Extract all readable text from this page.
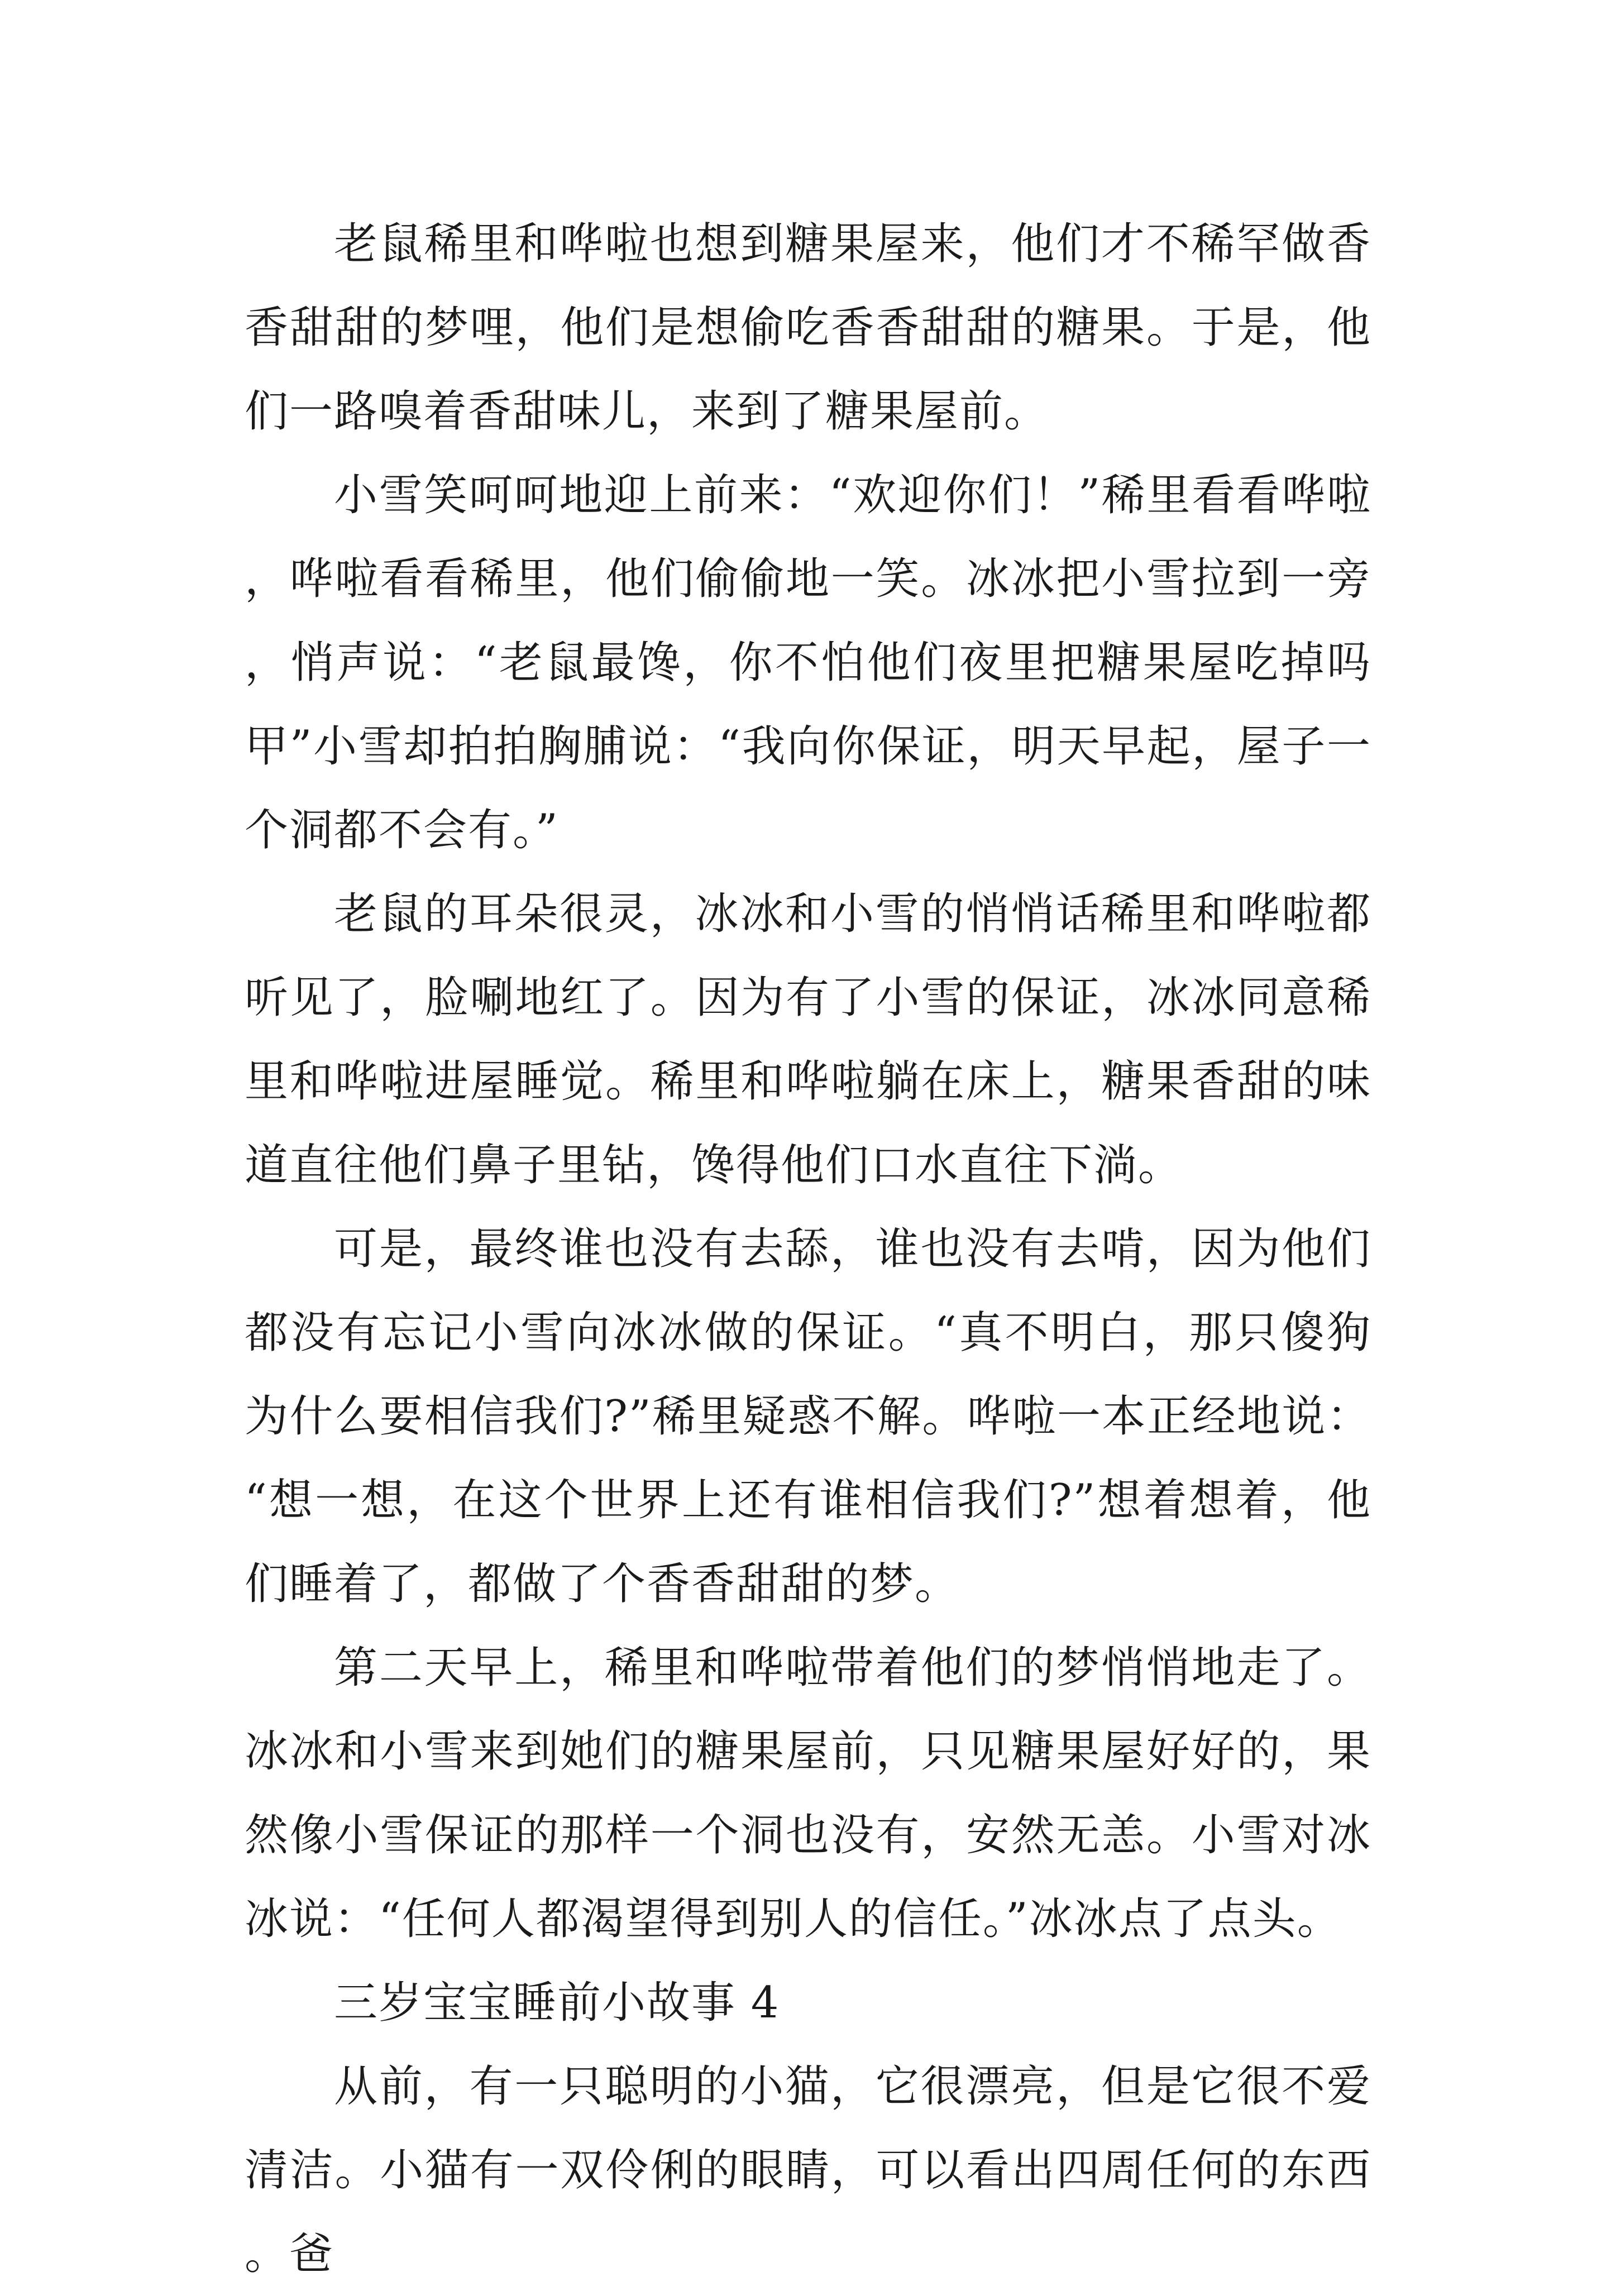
老鼠稀里和哗啦也想到糖果屋来，他们才不稀罕做香香甜甜的梦哩，他们是想偷吃香香甜甜的糖果。于是，他们一路嗅着香甜味儿，来到了糖果屋前。

小雪笑呵呵地迎上前来：“欢迎你们！”稀里看看哗啦，哗啦看看稀里，他们偷偷地一笑。冰冰把小雪拉到一旁，悄声说：“老鼠最馋，你不怕他们夜里把糖果屋吃掉吗甲”小雪却拍拍胸脯说：“我向你保证，明天早起，屋子一个洞都不会有。”

老鼠的耳朵很灵，冰冰和小雪的悄悄话稀里和哗啦都听见了，脸唰地红了。因为有了小雪的保证，冰冰同意稀里和哗啦进屋睡觉。稀里和哗啦躺在床上，糖果香甜的味道直往他们鼻子里钻，馋得他们口水直往下淌。

可是，最终谁也没有去舔，谁也没有去啃，因为他们都没有忘记小雪向冰冰做的保证。“真不明白，那只傻狗为什么要相信我们?”稀里疑惑不解。哗啦一本正经地说：“想一想，在这个世界上还有谁相信我们?”想着想着，他们睡着了，都做了个香香甜甜的梦。

第二天早上，稀里和哗啦带着他们的梦悄悄地走了。冰冰和小雪来到她们的糖果屋前，只见糖果屋好好的，果然像小雪保证的那样一个洞也没有，安然无恙。小雪对冰冰说：“任何人都渴望得到别人的信任。”冰冰点了点头。

三岁宝宝睡前小故事 4

从前，有一只聪明的小猫，它很漂亮，但是它很不爱清洁。小猫有一双伶俐的眼睛，可以看出四周任何的东西。爸
